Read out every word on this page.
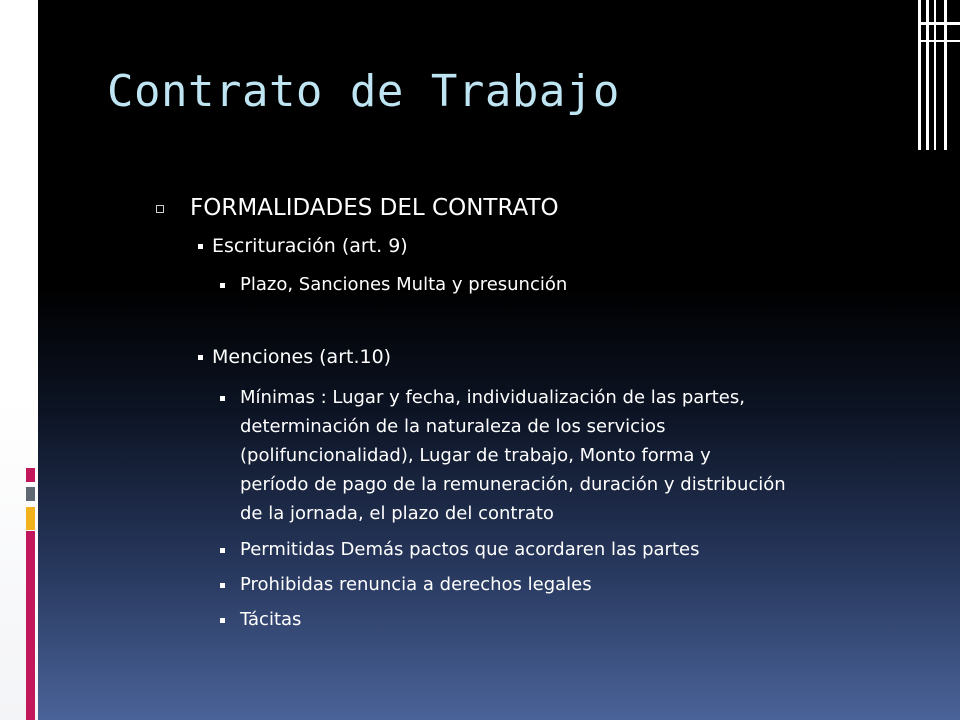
Contrato de Trabajo
FORMALIDADES DEL CONTRATO
Escrituración (art. 9)
Plazo, Sanciones Multa y presunción
Menciones (art.10)
Mínimas : Lugar y fecha, individualización de las partes,
determinación de la naturaleza de los servicios
(polifuncionalidad), Lugar de trabajo, Monto forma y
período de pago de la remuneración, duración y distribución
de la jornada, el plazo del contrato
Permitidas Demás pactos que acordaren las partes
Prohibidas renuncia a derechos legales
Tácitas
